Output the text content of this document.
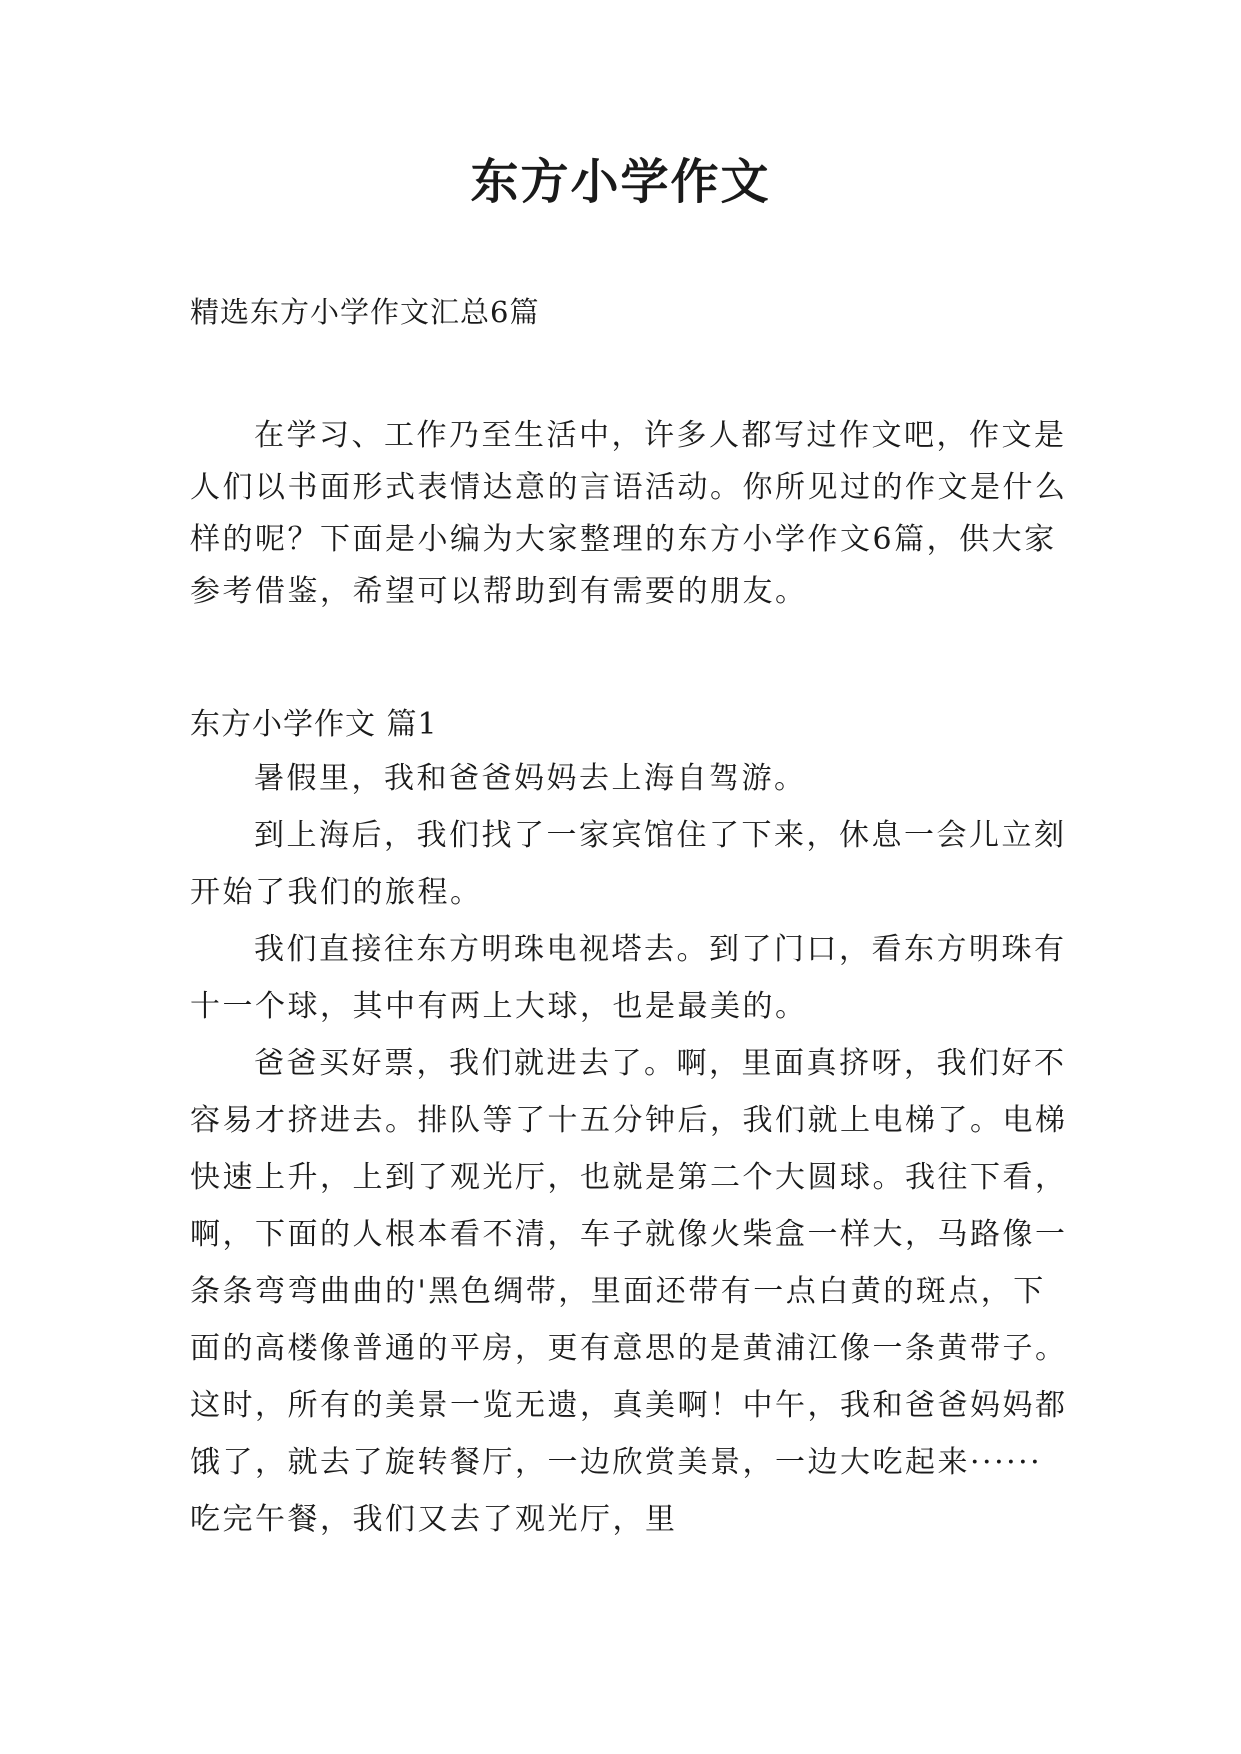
东方小学作文
精选东方小学作文汇总6篇

在学习、工作乃至生活中，许多人都写过作文吧，作文是人们以书面形式表情达意的言语活动。你所见过的作文是什么样的呢？下面是小编为大家整理的东方小学作文6篇，供大家参考借鉴，希望可以帮助到有需要的朋友。

东方小学作文 篇1

暑假里，我和爸爸妈妈去上海自驾游。

到上海后，我们找了一家宾馆住了下来，休息一会儿立刻开始了我们的旅程。

我们直接往东方明珠电视塔去。到了门口，看东方明珠有十一个球，其中有两上大球，也是最美的。

爸爸买好票，我们就进去了。啊，里面真挤呀，我们好不容易才挤进去。排队等了十五分钟后，我们就上电梯了。电梯快速上升，上到了观光厅，也就是第二个大圆球。我往下看，啊，下面的人根本看不清，车子就像火柴盒一样大，马路像一条条弯弯曲曲的'黑色绸带，里面还带有一点白黄的斑点，下面的高楼像普通的平房，更有意思的是黄浦江像一条黄带子。这时，所有的美景一览无遗，真美啊！中午，我和爸爸妈妈都饿了，就去了旋转餐厅，一边欣赏美景，一边大吃起来······吃完午餐，我们又去了观光厅，里
